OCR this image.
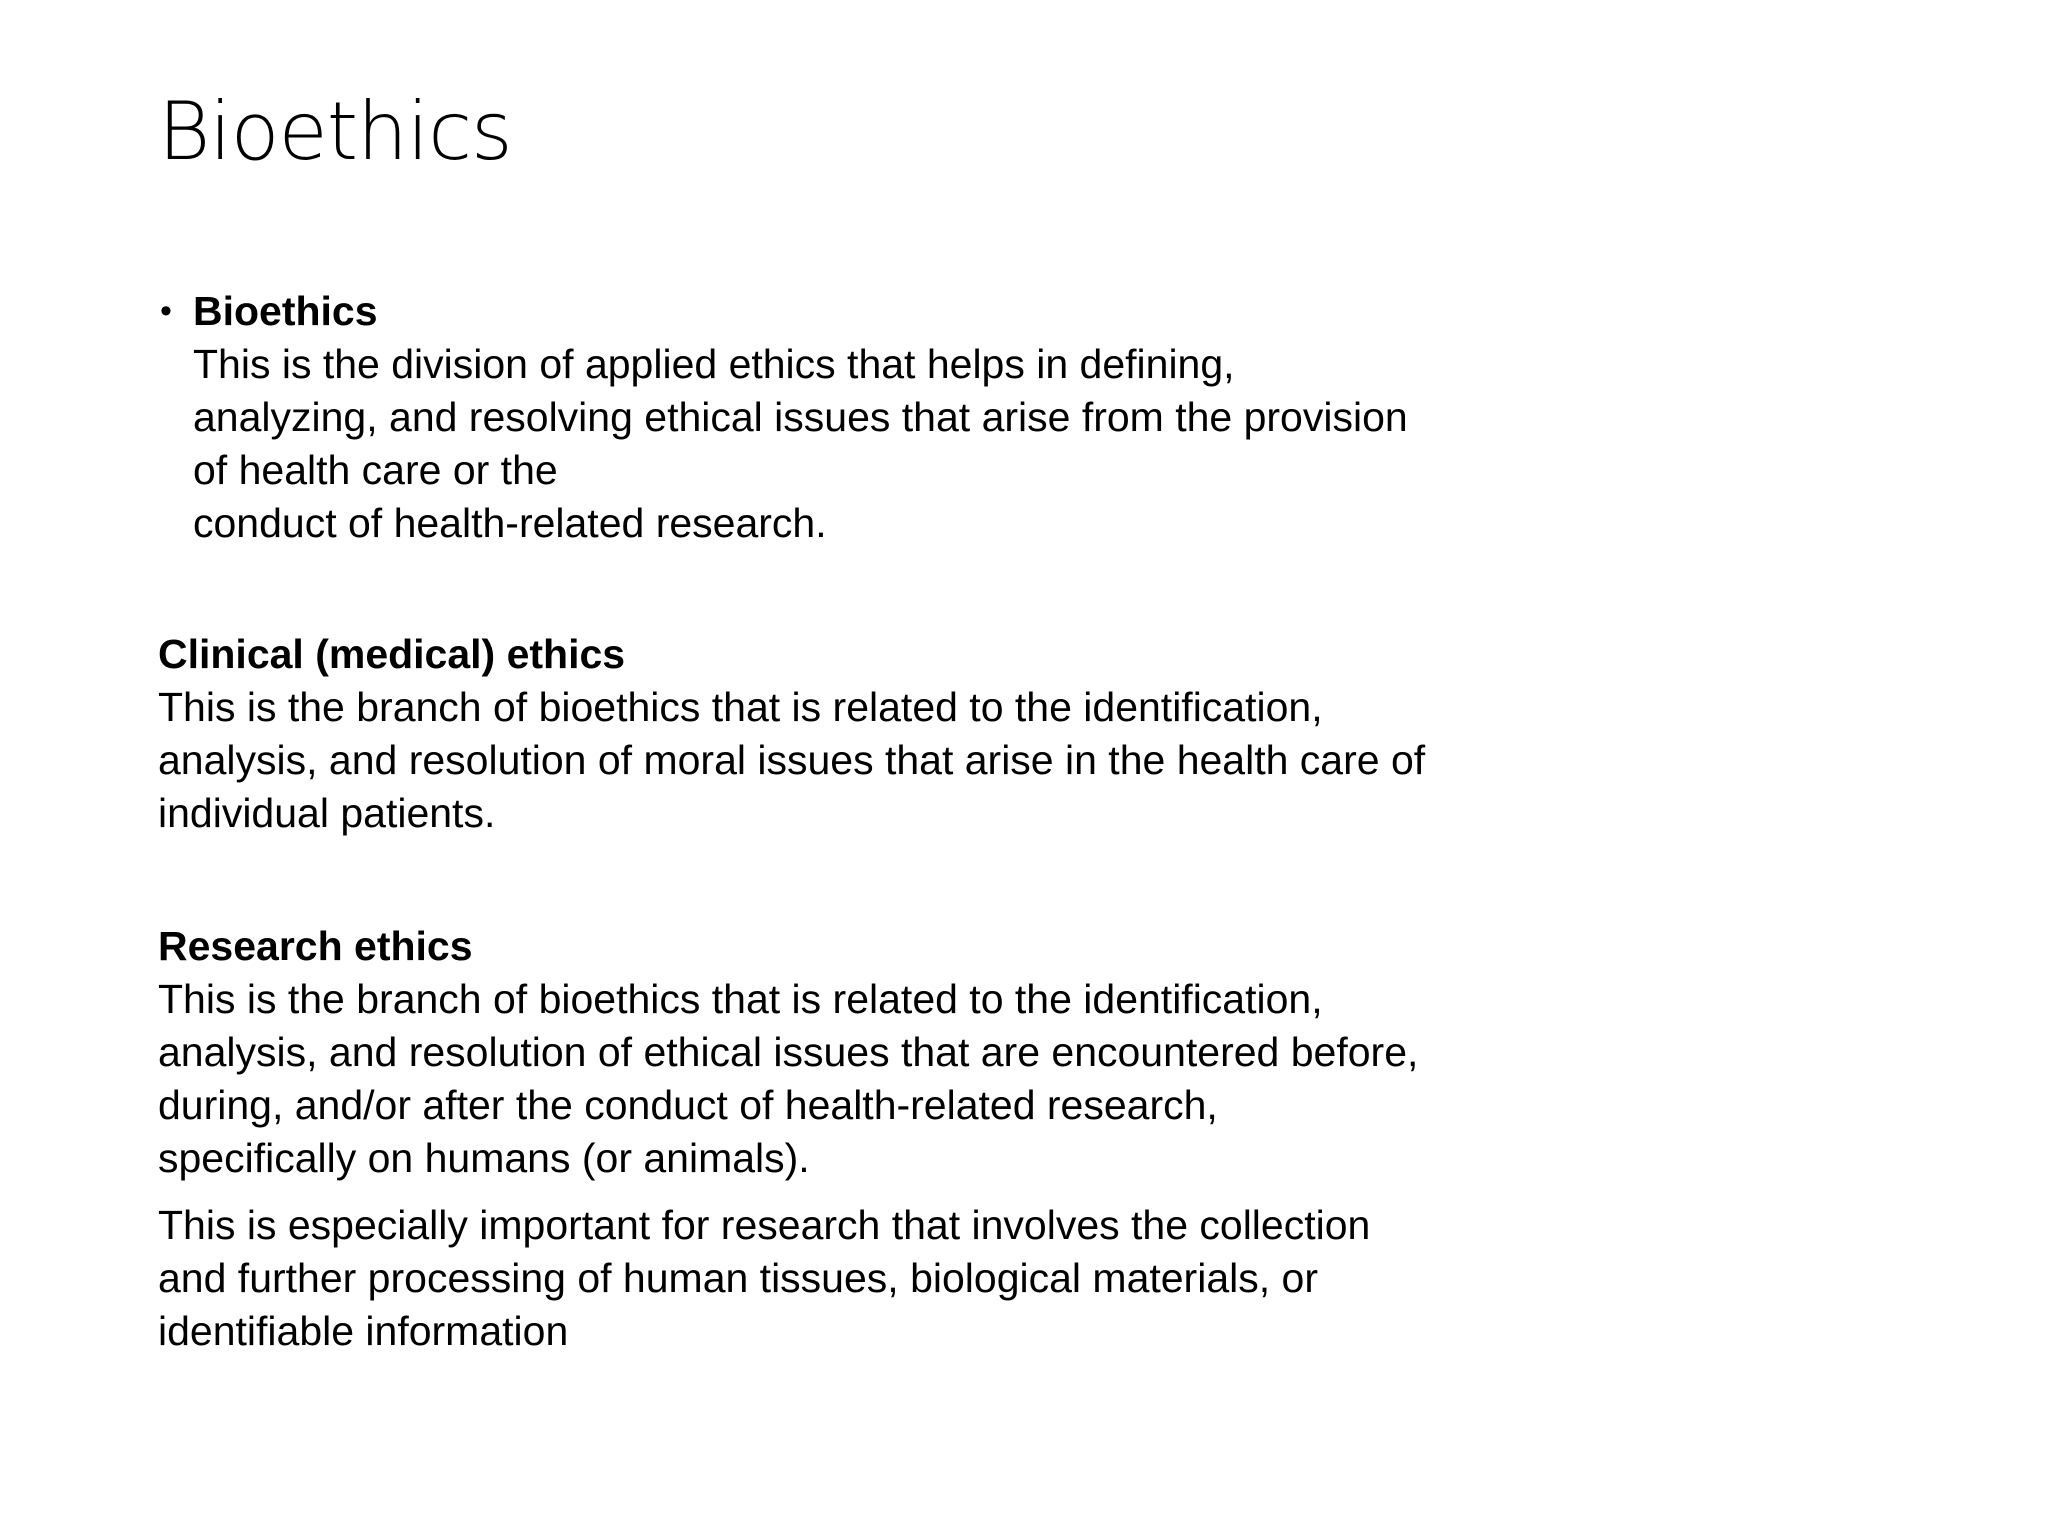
Bioethics
• Bioethics
This is the division of applied ethics that helps in defining,
analyzing, and resolving ethical issues that arise from the provision
of health care or the
conduct of health-related research.
Clinical (medical) ethics
This is the branch of bioethics that is related to the identification,
analysis, and resolution of moral issues that arise in the health care of
individual patients.
Research ethics
This is the branch of bioethics that is related to the identification,
analysis, and resolution of ethical issues that are encountered before,
during, and/or after the conduct of health-related research,
specifically on humans (or animals).
This is especially important for research that involves the collection
and further processing of human tissues, biological materials, or
identifiable information
